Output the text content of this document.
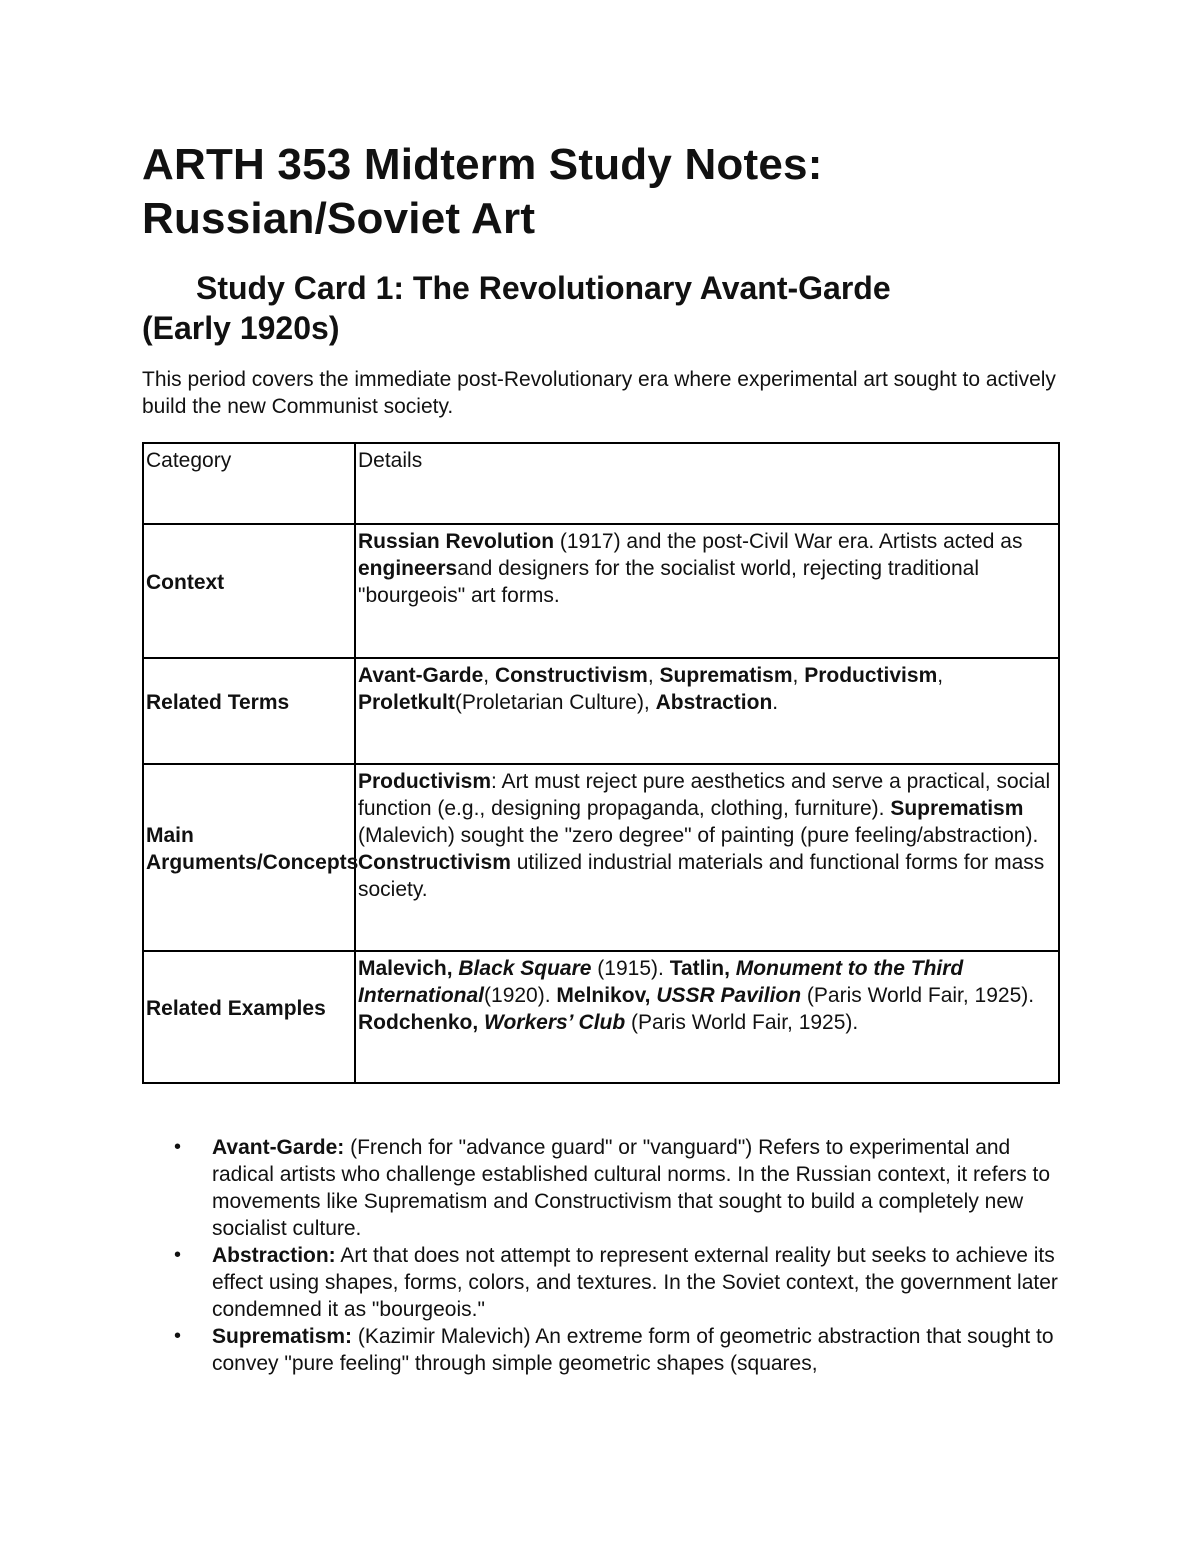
ARTH 353 Midterm Study Notes:
Russian/Soviet Art
Study Card 1: The Revolutionary Avant-Garde
(Early 1920s)

This period covers the immediate post-Revolutionary era where experimental art sought to actively build the new Communist society.

Category	Details
Context	Russian Revolution (1917) and the post-Civil War era. Artists acted as engineersand designers for the socialist world, rejecting traditional "bourgeois" art forms.
Related Terms	Avant-Garde, Constructivism, Suprematism, Productivism, Proletkult(Proletarian Culture), Abstraction.
Main Arguments/Concepts	Productivism: Art must reject pure aesthetics and serve a practical, social function (e.g., designing propaganda, clothing, furniture). Suprematism (Malevich) sought the "zero degree" of painting (pure feeling/abstraction). Constructivism utilized industrial materials and functional forms for mass society.
Related Examples	Malevich, Black Square (1915). Tatlin, Monument to the Third International(1920). Melnikov, USSR Pavilion (Paris World Fair, 1925). Rodchenko, Workers’ Club (Paris World Fair, 1925).
• Avant-Garde: (French for "advance guard" or "vanguard") Refers to experimental and radical artists who challenge established cultural norms. In the Russian context, it refers to movements like Suprematism and Constructivism that sought to build a completely new socialist culture.
• Abstraction: Art that does not attempt to represent external reality but seeks to achieve its effect using shapes, forms, colors, and textures. In the Soviet context, the government later condemned it as "bourgeois."
• Suprematism: (Kazimir Malevich) An extreme form of geometric abstraction that sought to convey "pure feeling" through simple geometric shapes (squares,
